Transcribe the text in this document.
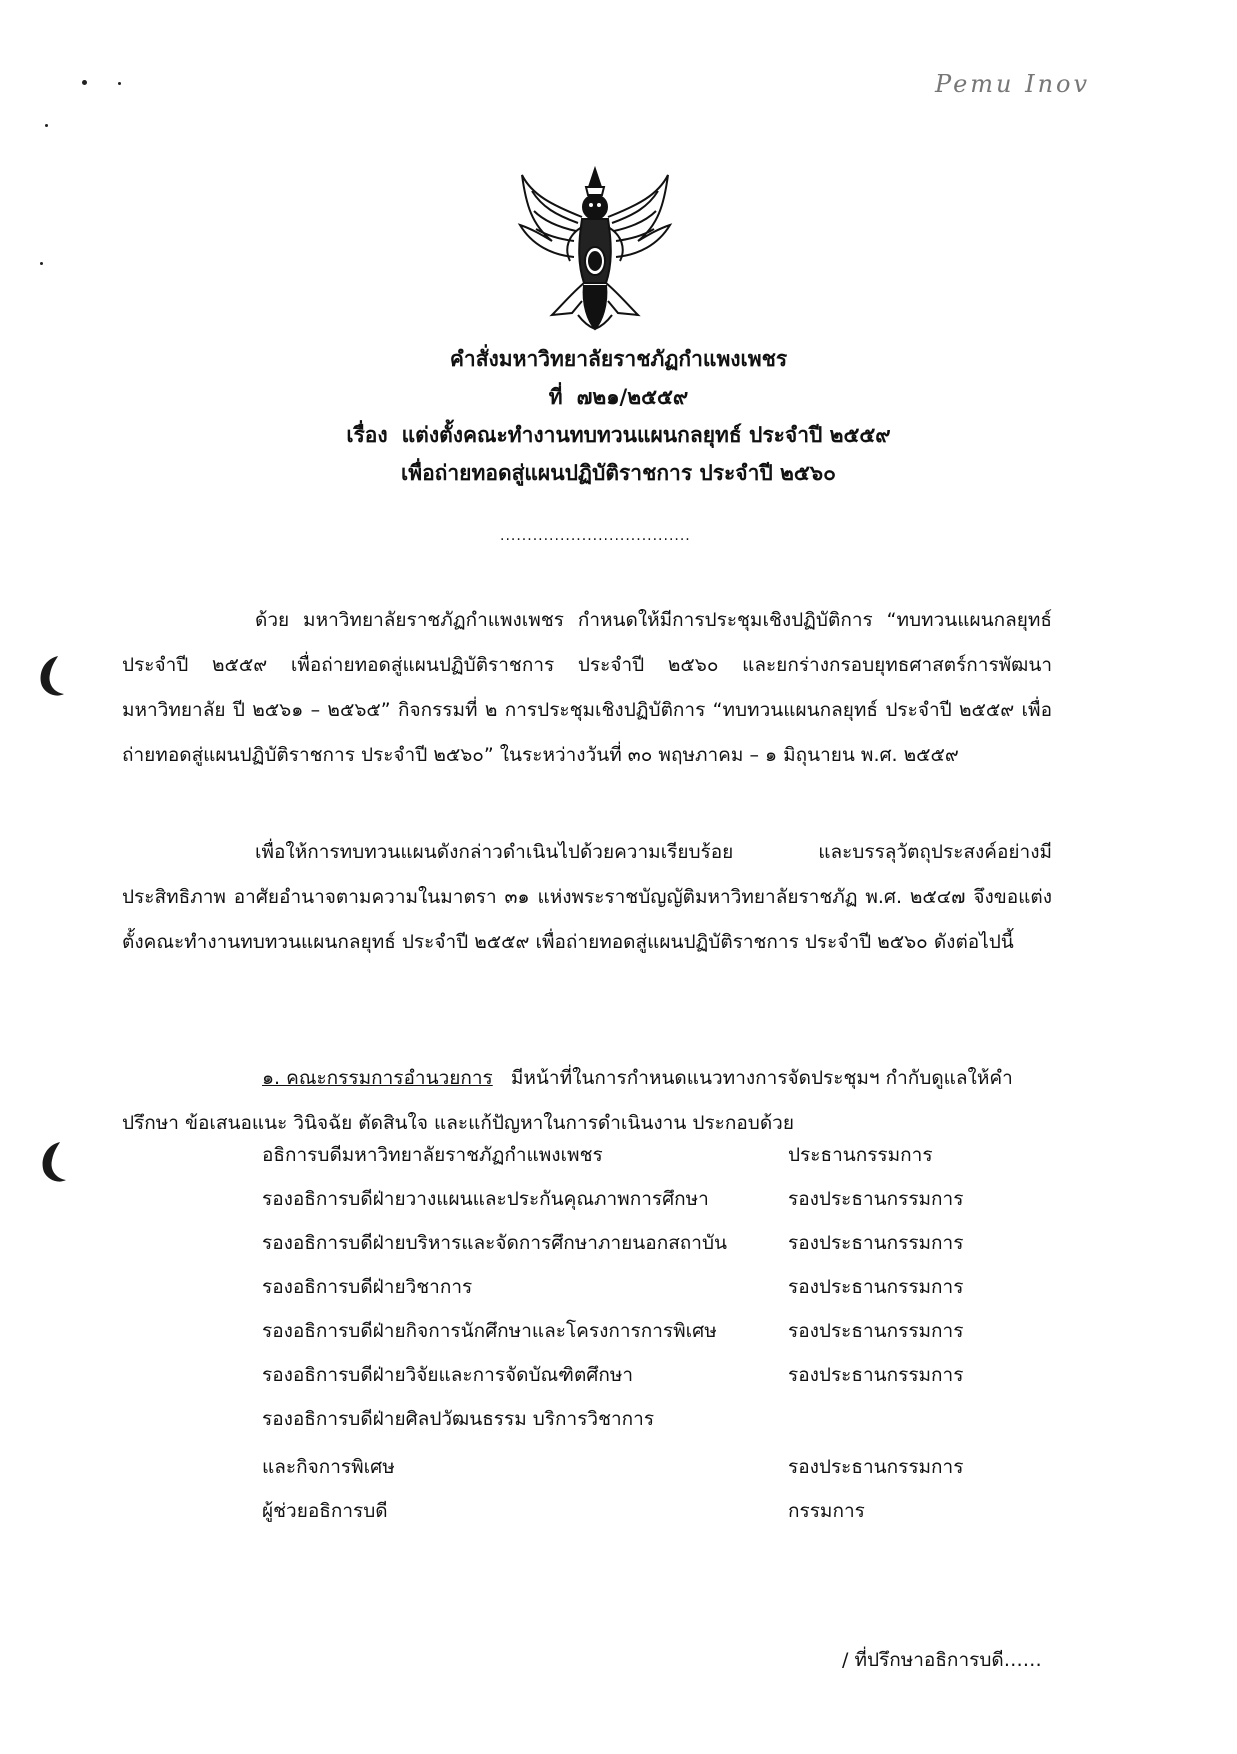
Pemu Inov
คำสั่งมหาวิทยาลัยราชภัฏกำแพงเพชร
ที่ ๗๒๑/๒๕๕๙
เรื่อง แต่งตั้งคณะทำงานทบทวนแผนกลยุทธ์ ประจำปี ๒๕๕๙
เพื่อถ่ายทอดสู่แผนปฏิบัติราชการ ประจำปี ๒๕๖๐
...................................
ด้วย มหาวิทยาลัยราชภัฏกำแพงเพชร กำหนดให้มีการประชุมเชิงปฏิบัติการ “ทบทวนแผนกลยุทธ์ ประจำปี ๒๕๕๙ เพื่อถ่ายทอดสู่แผนปฏิบัติราชการ ประจำปี ๒๕๖๐ และยกร่างกรอบยุทธศาสตร์การพัฒนามหาวิทยาลัย ปี ๒๕๖๑ – ๒๕๖๕” กิจกรรมที่ ๒ การประชุมเชิงปฏิบัติการ “ทบทวนแผนกลยุทธ์ ประจำปี ๒๕๕๙ เพื่อถ่ายทอดสู่แผนปฏิบัติราชการ ประจำปี ๒๕๖๐” ในระหว่างวันที่ ๓๐ พฤษภาคม – ๑ มิถุนายน พ.ศ. ๒๕๕๙
เพื่อให้การทบทวนแผนดังกล่าวดำเนินไปด้วยความเรียบร้อย และบรรลุวัตถุประสงค์อย่างมีประสิทธิภาพ อาศัยอำนาจตามความในมาตรา ๓๑ แห่งพระราชบัญญัติมหาวิทยาลัยราชภัฏ พ.ศ. ๒๕๔๗ จึงขอแต่งตั้งคณะทำงานทบทวนแผนกลยุทธ์ ประจำปี ๒๕๕๙ เพื่อถ่ายทอดสู่แผนปฏิบัติราชการ ประจำปี ๒๕๖๐ ดังต่อไปนี้
๑. คณะกรรมการอำนวยการ มีหน้าที่ในการกำหนดแนวทางการจัดประชุมฯ กำกับดูแลให้คำปรึกษา ข้อเสนอแนะ วินิจฉัย ตัดสินใจ และแก้ปัญหาในการดำเนินงาน ประกอบด้วย
อธิการบดีมหาวิทยาลัยราชภัฏกำแพงเพชร	ประธานกรรมการ
รองอธิการบดีฝ่ายวางแผนและประกันคุณภาพการศึกษา	รองประธานกรรมการ
รองอธิการบดีฝ่ายบริหารและจัดการศึกษาภายนอกสถาบัน	รองประธานกรรมการ
รองอธิการบดีฝ่ายวิชาการ	รองประธานกรรมการ
รองอธิการบดีฝ่ายกิจการนักศึกษาและโครงการการพิเศษ	รองประธานกรรมการ
รองอธิการบดีฝ่ายวิจัยและการจัดบัณฑิตศึกษา	รองประธานกรรมการ
รองอธิการบดีฝ่ายศิลปวัฒนธรรม บริการวิชาการ
และกิจการพิเศษ	รองประธานกรรมการ
ผู้ช่วยอธิการบดี	กรรมการ
/ ที่ปรึกษาอธิการบดี……
